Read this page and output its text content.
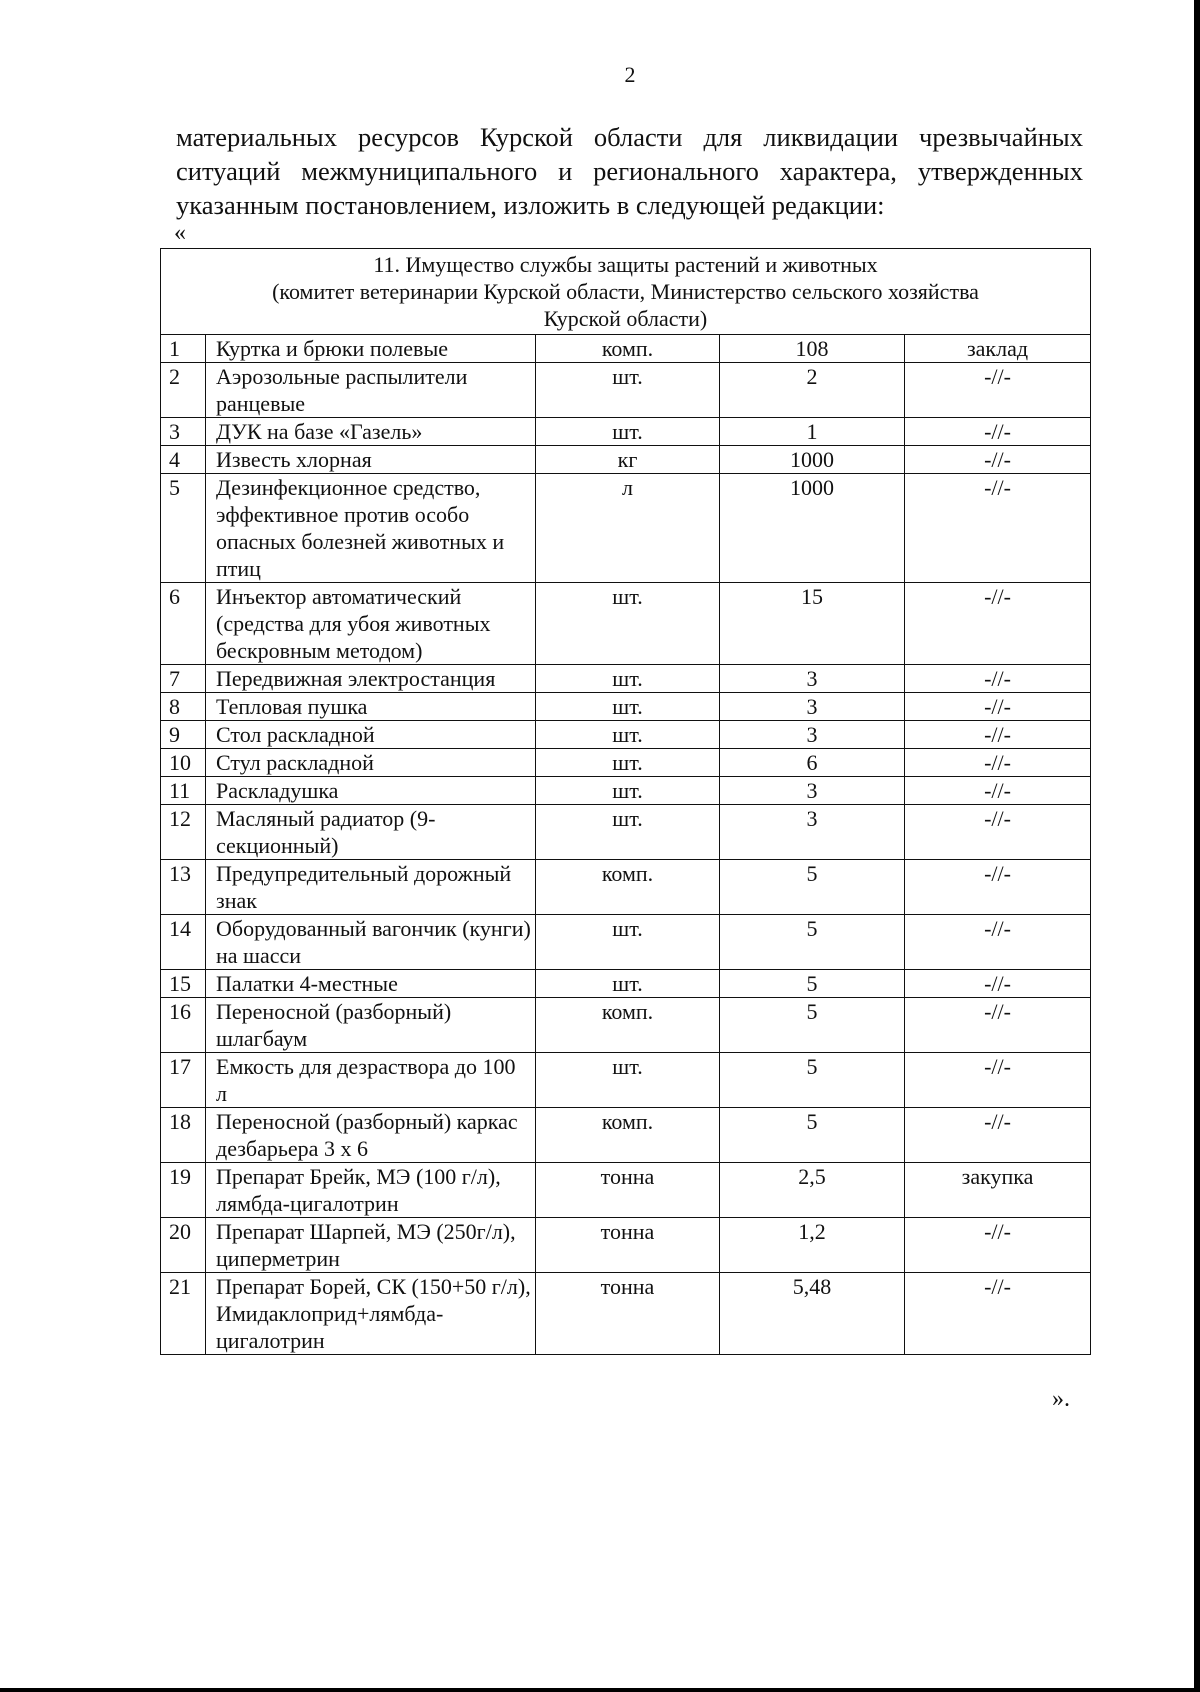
2
материальных ресурсов Курской области для ликвидации чрезвычайных
ситуаций межмуниципального и регионального характера, утвержденных
указанным постановлением, изложить в следующей редакции:
«
11. Имущество службы защиты растений и животных
(комитет ветеринарии Курской области, Министерство сельского хозяйства
Курской области)				

1	Куртка и брюки полевые	комп.	108	заклад
2	Аэрозольные распылители ранцевые	шт.	2	-//-
3	ДУК на базе «Газель»	шт.	1	-//-
4	Известь хлорная	кг	1000	-//-
5	Дезинфекционное средство, эффективное против особо опасных болезней животных и птиц	л	1000	-//-
6	Инъектор автоматический (средства для убоя животных бескровным методом)	шт.	15	-//-
7	Передвижная электростанция	шт.	3	-//-
8	Тепловая пушка	шт.	3	-//-
9	Стол раскладной	шт.	3	-//-
10	Стул раскладной	шт.	6	-//-
11	Раскладушка	шт.	3	-//-
12	Масляный радиатор (9-секционный)	шт.	3	-//-
13	Предупредительный дорожный знак	комп.	5	-//-
14	Оборудованный вагончик (кунги) на шасси	шт.	5	-//-
15	Палатки 4-местные	шт.	5	-//-
16	Переносной (разборный) шлагбаум	комп.	5	-//-
17	Емкость для дезраствора до 100 л	шт.	5	-//-
18	Переносной (разборный) каркас дезбарьера 3 х 6	комп.	5	-//-
19	Препарат Брейк, МЭ (100 г/л), лямбда-цигалотрин	тонна	2,5	закупка
20	Препарат Шарпей, МЭ (250г/л), циперметрин	тонна	1,2	-//-
21	Препарат Борей, СК (150+50 г/л), Имидаклоприд+лямбда-цигалотрин	тонна	5,48	-//-
».
